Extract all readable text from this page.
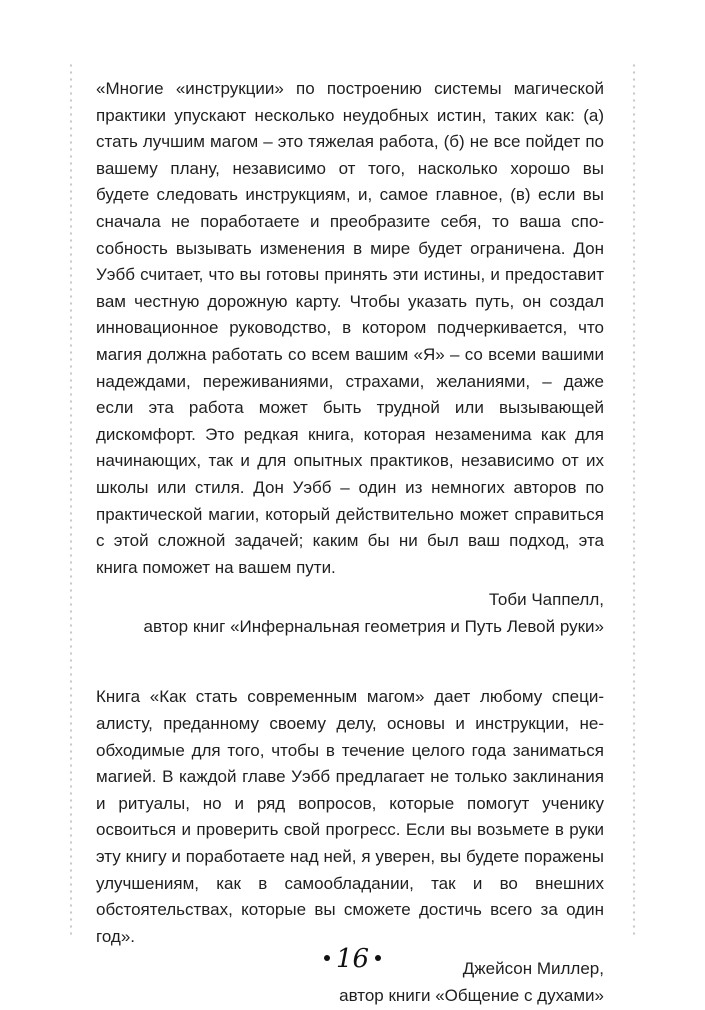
«Многие «инструкции» по построению системы магической практики упускают несколько неудобных истин, таких как: (а) стать лучшим магом – это тяжелая работа, (б) не все пойдет по вашему плану, независимо от того, насколько хорошо вы будете следовать инструкциям, и, самое главное, (в) если вы сначала не поработаете и преобразите себя, то ваша способность вызывать изменения в мире будет ограничена. Дон Уэбб считает, что вы готовы принять эти истины, и предоставит вам честную дорожную карту. Чтобы указать путь, он создал инновационное руководство, в котором подчеркивается, что магия должна работать со всем вашим «Я» – со всеми вашими надеждами, переживаниями, страхами, желаниями, – даже если эта работа может быть трудной или вызывающей дискомфорт. Это редкая книга, которая незаменима как для начинающих, так и для опытных практиков, независимо от их школы или стиля. Дон Уэбб – один из немногих авторов по практической магии, который действительно может справиться с этой сложной задачей; каким бы ни был ваш подход, эта книга поможет на вашем пути.

Тоби Чаппелл,

автор книг «Инфернальная геометрия и Путь Левой руки»

Книга «Как стать современным магом» дает любому специалисту, преданному своему делу, основы и инструкции, необходимые для того, чтобы в течение целого года заниматься магией. В каждой главе Уэбб предлагает не только заклинания и ритуалы, но и ряд вопросов, которые помогут ученику освоиться и проверить свой прогресс. Если вы возьмете в руки эту книгу и поработаете над ней, я уверен, вы будете поражены улучшениям, как в самообладании, так и во внешних обстоятельствах, которые вы сможете достичь всего за один год».

Джейсон Миллер,

автор книги «Общение с духами»

16
